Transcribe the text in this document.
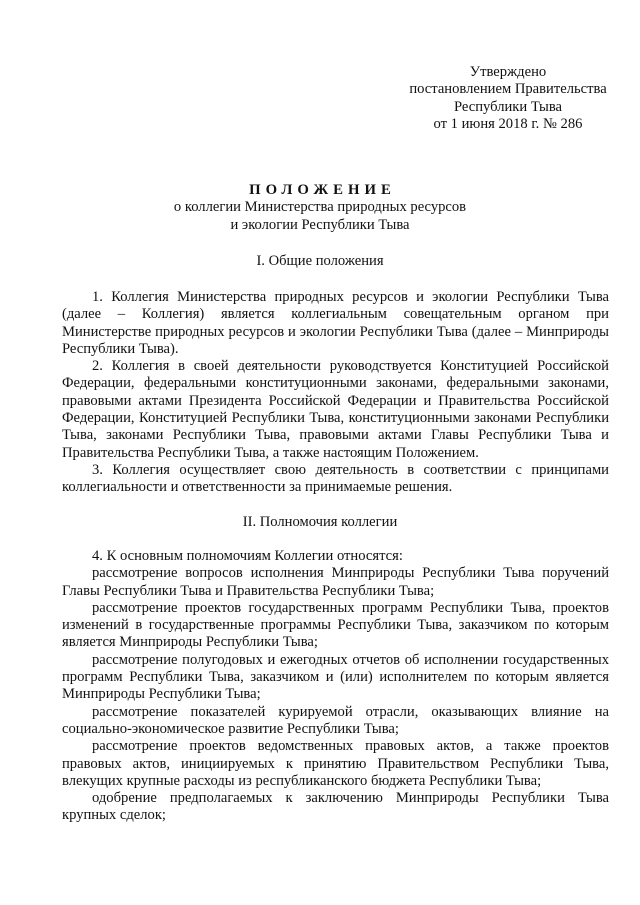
Утверждено
постановлением Правительства
Республики Тыва
от 1 июня 2018 г. № 286
ПОЛОЖЕНИЕ
о коллегии Министерства природных ресурсов
и экологии Республики Тыва
I. Общие положения

1. Коллегия Министерства природных ресурсов и экологии Республики Тыва (далее – Коллегия) является коллегиальным совещательным органом при Министерстве природных ресурсов и экологии Республики Тыва (далее – Минприроды Республики Тыва).

2. Коллегия в своей деятельности руководствуется Конституцией Российской Федерации, федеральными конституционными законами, федеральными законами, правовыми актами Президента Российской Федерации и Правительства Российской Федерации, Конституцией Республики Тыва, конституционными законами Республики Тыва, законами Республики Тыва, правовыми актами Главы Республики Тыва и Правительства Республики Тыва, а также настоящим Положением.

3. Коллегия осуществляет свою деятельность в соответствии с принципами коллегиальности и ответственности за принимаемые решения.

II. Полномочия коллегии

4. К основным полномочиям Коллегии относятся:

рассмотрение вопросов исполнения Минприроды Республики Тыва поручений Главы Республики Тыва и Правительства Республики Тыва;

рассмотрение проектов государственных программ Республики Тыва, проектов изменений в государственные программы Республики Тыва, заказчиком по которым является Минприроды Республики Тыва;

рассмотрение полугодовых и ежегодных отчетов об исполнении государственных программ Республики Тыва, заказчиком и (или) исполнителем по которым является Минприроды Республики Тыва;

рассмотрение показателей курируемой отрасли, оказывающих влияние на социально-экономическое развитие Республики Тыва;

рассмотрение проектов ведомственных правовых актов, а также проектов правовых актов, инициируемых к принятию Правительством Республики Тыва, влекущих крупные расходы из республиканского бюджета Республики Тыва;

одобрение предполагаемых к заключению Минприроды Республики Тыва крупных сделок;
